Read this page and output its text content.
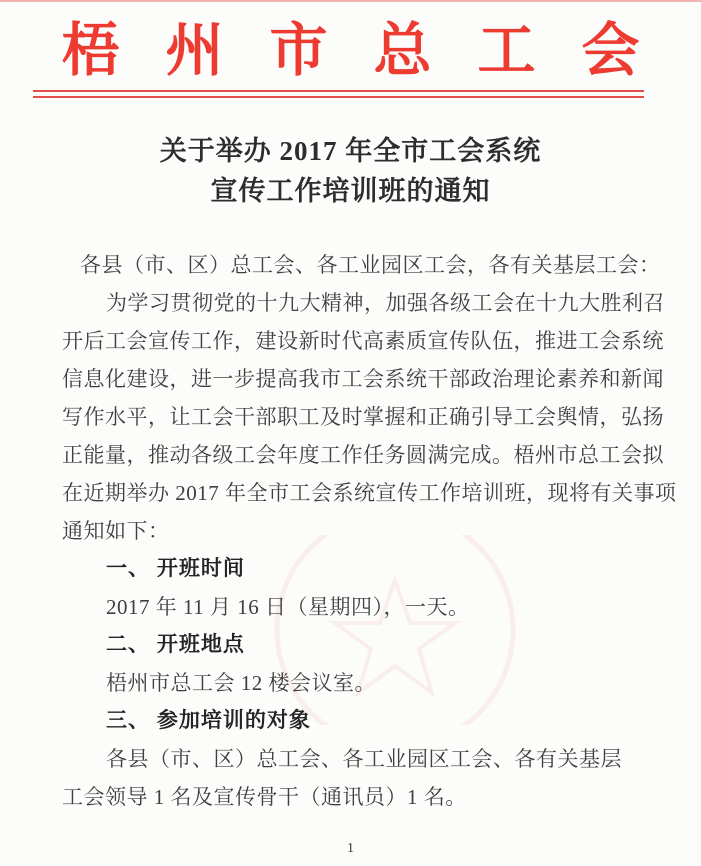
梧州市总工会
关于举办 2017 年全市工会系统
宣传工作培训班的通知
各县（市、区）总工会、各工业园区工会，各有关基层工会：
为学习贯彻党的十九大精神，加强各级工会在十九大胜利召
开后工会宣传工作，建设新时代高素质宣传队伍，推进工会系统
信息化建设，进一步提高我市工会系统干部政治理论素养和新闻
写作水平，让工会干部职工及时掌握和正确引导工会舆情，弘扬
正能量，推动各级工会年度工作任务圆满完成。梧州市总工会拟
在近期举办 2017 年全市工会系统宣传工作培训班，现将有关事项
通知如下：
一、 开班时间
2017 年 11 月 16 日（星期四），一天。
二、 开班地点
梧州市总工会 12 楼会议室。
三、 参加培训的对象
各县（市、区）总工会、各工业园区工会、各有关基层
工会领导 1 名及宣传骨干（通讯员）1 名。
1
